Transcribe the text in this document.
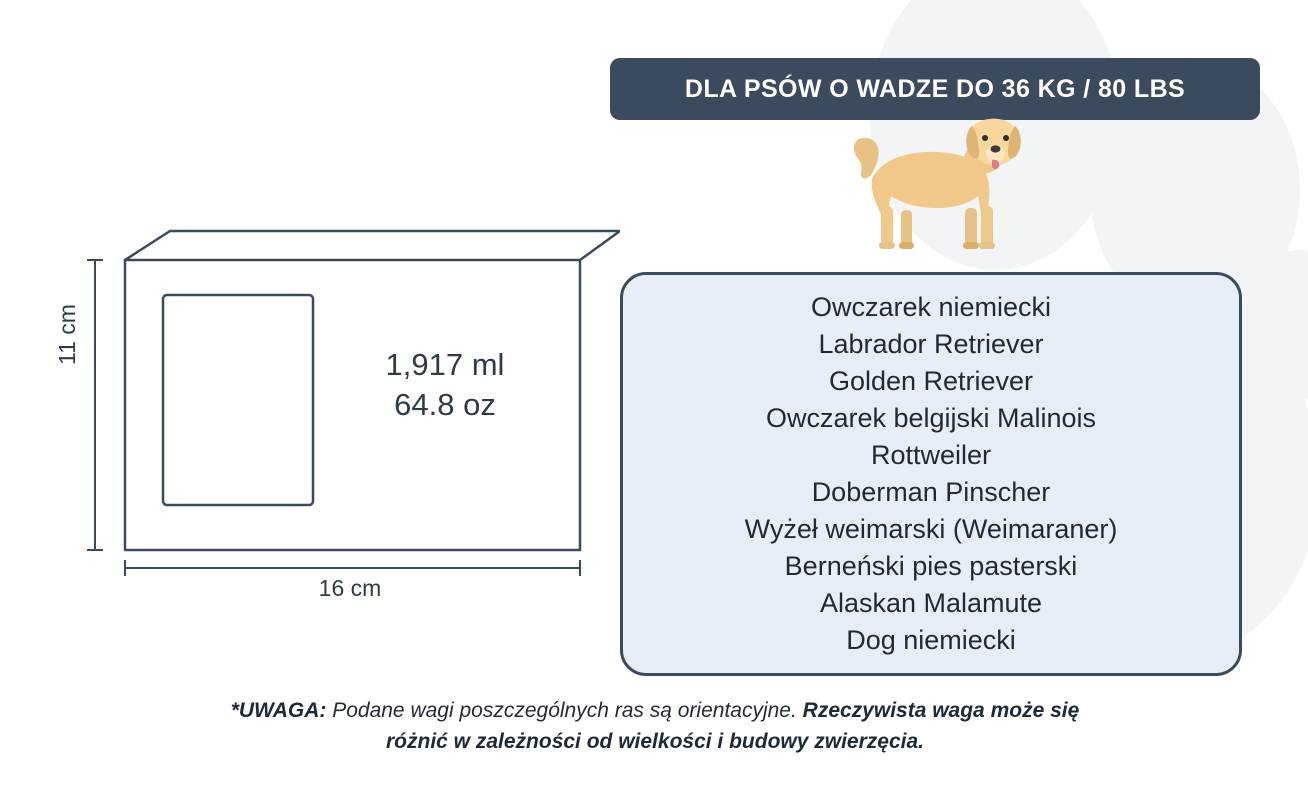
1,917 ml
64.8 oz
11 cm
16 cm
DLA PSÓW O WADZE DO 36 KG / 80 LBS
Owczarek niemiecki
Labrador Retriever
Golden Retriever
Owczarek belgijski Malinois
Rottweiler
Doberman Pinscher
Wyżeł weimarski (Weimaraner)
Berneński pies pasterski
Alaskan Malamute
Dog niemiecki
*UWAGA: Podane wagi poszczególnych ras są orientacyjne. Rzeczywista waga może się różnić w zależności od wielkości i budowy zwierzęcia.
